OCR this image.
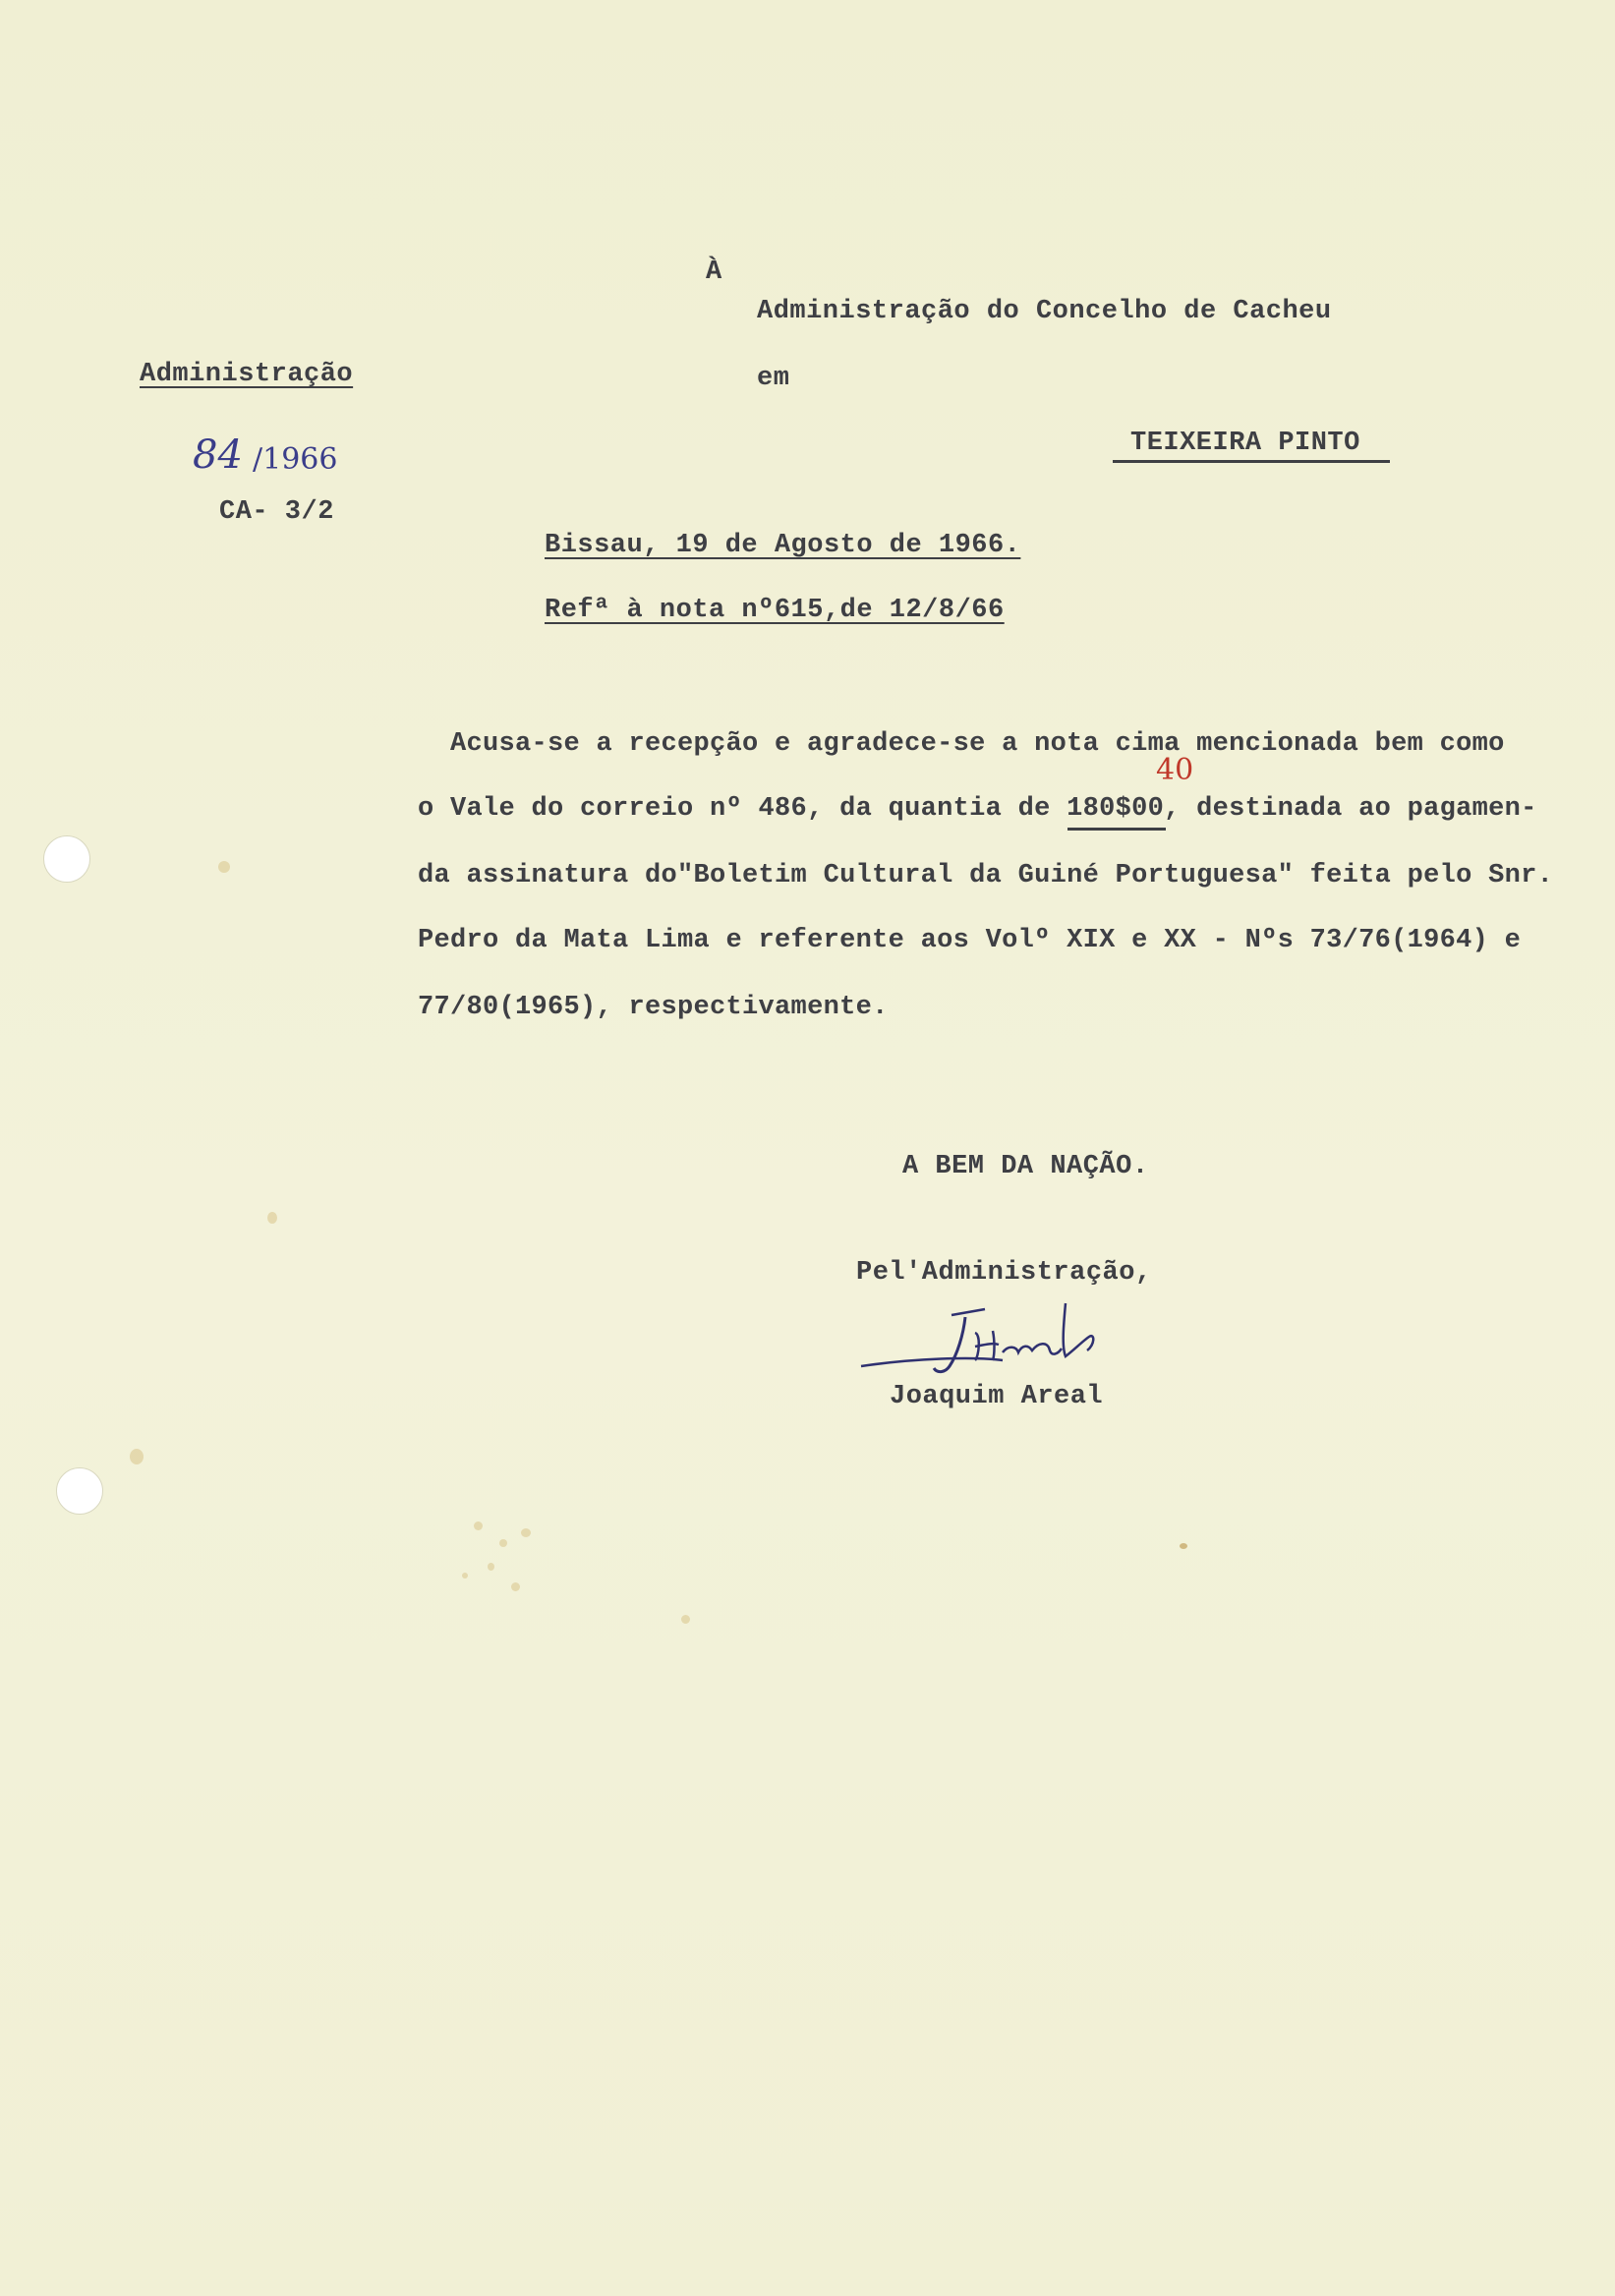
À
Administração do Concelho de Cacheu
em
TEIXEIRA PINTO
Administração
84 /1966
CA- 3/2
Bissau, 19 de Agosto de 1966.
Refª à nota nº615,de 12/8/66
Acusa-se a recepção e agradece-se a nota cima mencionada bem como
o Vale do correio nº 486, da quantia de 180$00, destinada ao pagamen-
da assinatura do"Boletim Cultural da Guiné Portuguesa" feita pelo Snr.
Pedro da Mata Lima e referente aos Volº XIX e XX - Nºs 73/76(1964) e
77/80(1965), respectivamente.
40
A BEM DA NAÇÃO.
Pel'Administração,
Joaquim Areal
